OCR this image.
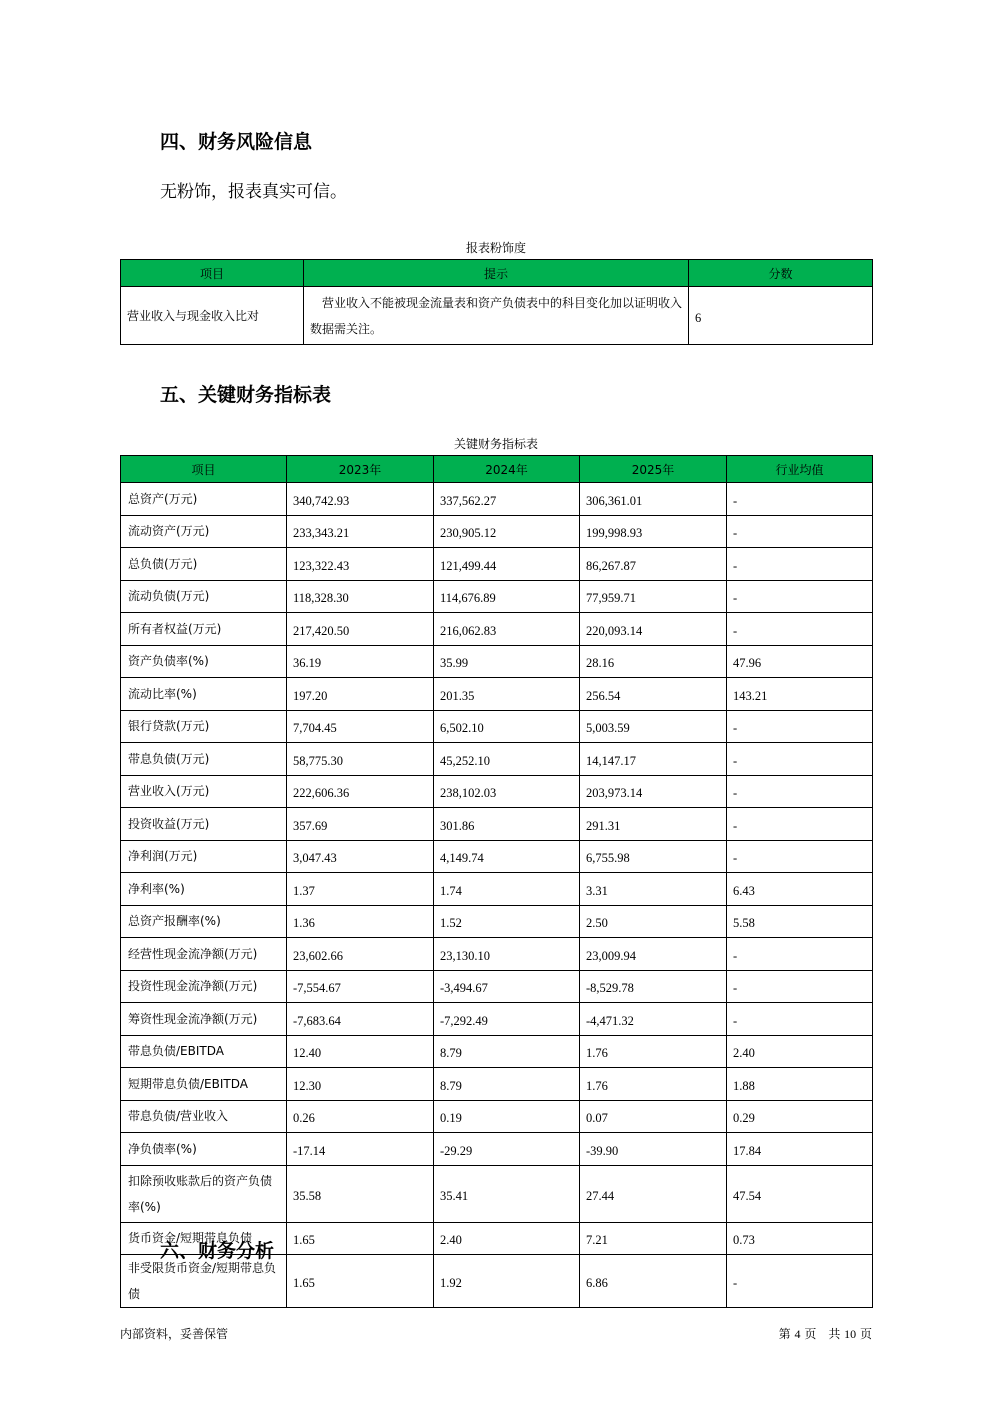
四、财务风险信息
无粉饰，报表真实可信。
报表粉饰度
项目	提示	分数
营业收入与现金收入比对	营业收入不能被现金流量表和资产负债表中的科目变化加以证明收入数据需关注。	6
五、关键财务指标表
关键财务指标表
项目	2023年	2024年	2025年	行业均值
总资产(万元)	340,742.93	337,562.27	306,361.01	-
流动资产(万元)	233,343.21	230,905.12	199,998.93	-
总负债(万元)	123,322.43	121,499.44	86,267.87	-
流动负债(万元)	118,328.30	114,676.89	77,959.71	-
所有者权益(万元)	217,420.50	216,062.83	220,093.14	-
资产负债率(%)	36.19	35.99	28.16	47.96
流动比率(%)	197.20	201.35	256.54	143.21
银行贷款(万元)	7,704.45	6,502.10	5,003.59	-
带息负债(万元)	58,775.30	45,252.10	14,147.17	-
营业收入(万元)	222,606.36	238,102.03	203,973.14	-
投资收益(万元)	357.69	301.86	291.31	-
净利润(万元)	3,047.43	4,149.74	6,755.98	-
净利率(%)	1.37	1.74	3.31	6.43
总资产报酬率(%)	1.36	1.52	2.50	5.58
经营性现金流净额(万元)	23,602.66	23,130.10	23,009.94	-
投资性现金流净额(万元)	-7,554.67	-3,494.67	-8,529.78	-
筹资性现金流净额(万元)	-7,683.64	-7,292.49	-4,471.32	-
带息负债/EBITDA	12.40	8.79	1.76	2.40
短期带息负债/EBITDA	12.30	8.79	1.76	1.88
带息负债/营业收入	0.26	0.19	0.07	0.29
净负债率(%)	-17.14	-29.29	-39.90	17.84
扣除预收账款后的资产负债率(%)	35.58	35.41	27.44	47.54
货币资金/短期带息负债	1.65	2.40	7.21	0.73
非受限货币资金/短期带息负债	1.65	1.92	6.86	-
六、财务分析
内部资料，妥善保管	第 4 页　共 10 页
